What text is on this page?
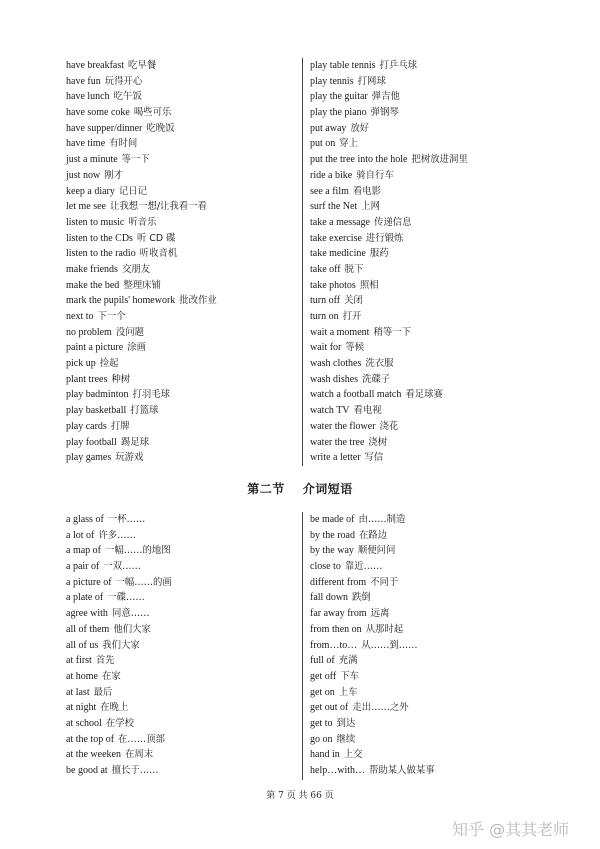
have breakfast 吃早餐
have fun 玩得开心
have lunch 吃午饭
have some coke 喝些可乐
have supper/dinner 吃晚饭
have time 有时间
just a minute 等一下
just now 刚才
keep a diary 记日记
let me see 让我想一想/让我看一看
listen to music 听音乐
listen to the CDs 听 CD 碟
listen to the radio 听收音机
make friends 交朋友
make the bed 整理床铺
mark the pupils' homework 批改作业
next to 下一个
no problem 没问题
paint a picture 涂画
pick up 捡起
plant trees 种树
play badminton 打羽毛球
play basketball 打篮球
play cards 打牌
play football 踢足球
play games 玩游戏
play table tennis 打乒乓球
play tennis 打网球
play the guitar 弹吉他
play the piano 弹钢琴
put away 放好
put on 穿上
put the tree into the hole 把树放进洞里
ride a bike 骑自行车
see a film 看电影
surf the Net 上网
take a message 传递信息
take exercise 进行锻炼
take medicine 服药
take off 脱下
take photos 照相
turn off 关闭
turn on 打开
wait a moment 稍等一下
wait for 等候
wash clothes 洗衣服
wash dishes 洗碟子
watch a football match 看足球赛
watch TV 看电视
water the flower 浇花
water the tree 浇树
write a letter 写信
第二节 介词短语
a glass of 一杯……
a lot of 许多……
a map of 一幅……的地图
a pair of 一双……
a picture of 一幅……的画
a plate of 一碟……
agree with 同意……
all of them 他们大家
all of us 我们大家
at first 首先
at home 在家
at last 最后
at night 在晚上
at school 在学校
at the top of 在……顶部
at the weeken 在周末
be good at 擅长于……
be made of 由……制造
by the road 在路边
by the way 顺便问问
close to 靠近……
different from 不同于
fall down 跌倒
far away from 远离
from then on 从那时起
from…to… 从……到……
full of 充满
get off 下车
get on 上车
get out of 走出……之外
get to 到达
go on 继续
hand in 上交
help…with… 帮助某人做某事
第 7 页 共 66 页
知乎 @其其老师
